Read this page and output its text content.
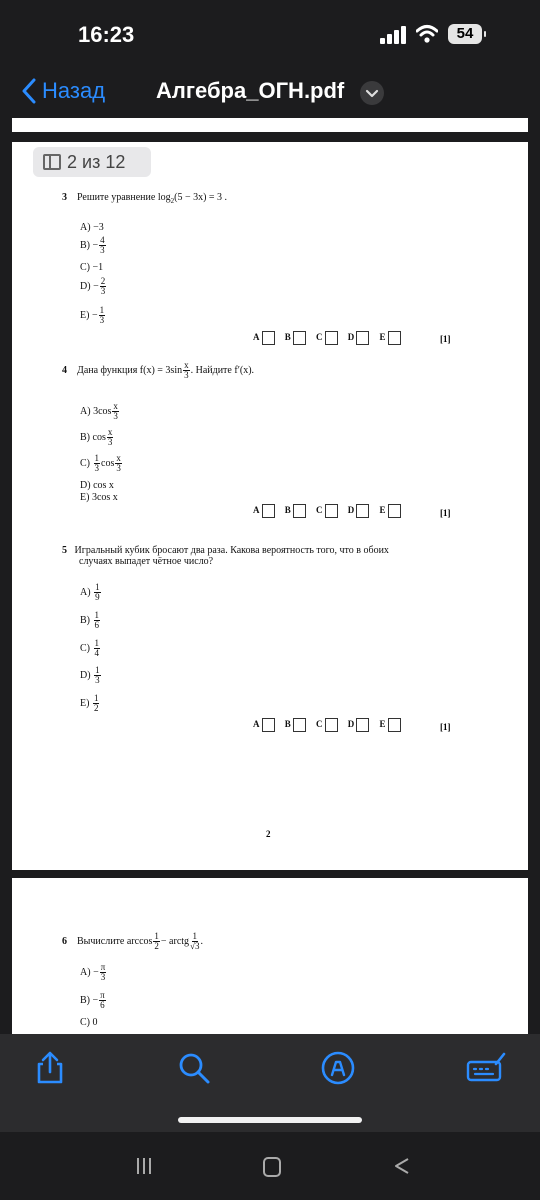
16:23	54
Назад Алгебра_ОГН.pdf
2 из 12
3 Решите уравнение $\log_2(5 - 3x) = 3$ .
A) −3
$B) - \frac{4}{3}$
C) −1
$D) - \frac{2}{3}$
$E) - \frac{1}{3}$
A	B	C	D	E	[1]
4 Дана функция $f(x) = 3\sin \frac{x}{3}$ . Найдите f′(x).
A) $3\cos \frac{x}{3}$
B) $\cos \frac{x}{3}$
$C) \frac{1}{3}$ $\cos \frac{x}{3}$
D) cos x
E) 3cos x
A	B	C	D	E	[1]
5 Игральный кубик бросают два раза. Какова вероятность того, что в обоих
случаях выпадет чётное число?
$A) \frac{1}{9}$
$B) \frac{1}{6}$
$C) \frac{1}{4}$
$D) \frac{1}{3}$
$E) \frac{1}{2}$
A	B	C	D	E	[1]
2
6 Вычислите $\arccos \frac{1}{2}$ − arctg $\frac{1}{√3}$ .
$A) - \frac{\pi}{3}$
$B) - \frac{\pi}{6}$
C) 0
